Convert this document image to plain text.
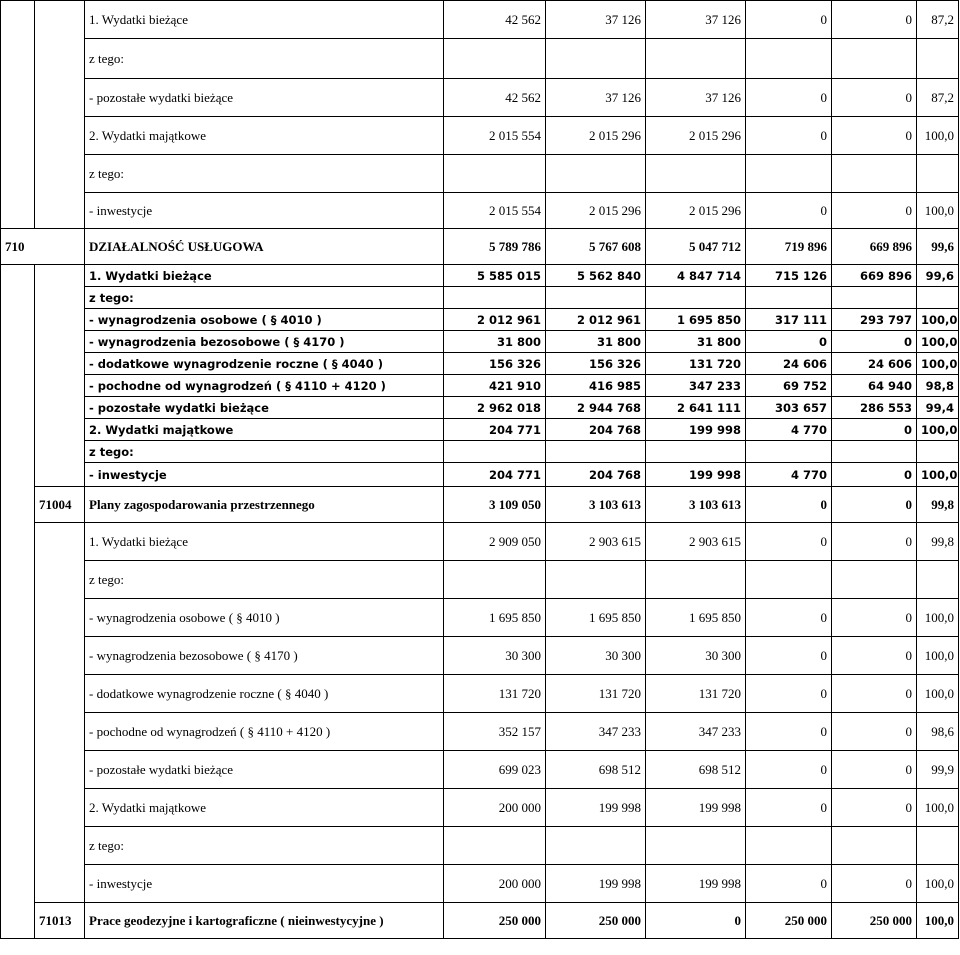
		1. Wydatki bieżące	42 562	37 126	37 126	0	0	87,2
		z tego:						
		- pozostałe wydatki bieżące	42 562	37 126	37 126	0	0	87,2
		2. Wydatki majątkowe	2 015 554	2 015 296	2 015 296	0	0	100,0
		z tego:						
		- inwestycje	2 015 554	2 015 296	2 015 296	0	0	100,0
710		DZIAŁALNOŚĆ USŁUGOWA	5 789 786	5 767 608	5 047 712	719 896	669 896	99,6
		1. Wydatki bieżące	5 585 015	5 562 840	4 847 714	715 126	669 896	99,6
		z tego:						
		- wynagrodzenia osobowe ( § 4010 )	2 012 961	2 012 961	1 695 850	317 111	293 797	100,0
		- wynagrodzenia bezosobowe ( § 4170 )	31 800	31 800	31 800	0	0	100,0
		- dodatkowe wynagrodzenie roczne ( § 4040 )	156 326	156 326	131 720	24 606	24 606	100,0
		- pochodne od wynagrodzeń ( § 4110 + 4120 )	421 910	416 985	347 233	69 752	64 940	98,8
		- pozostałe wydatki bieżące	2 962 018	2 944 768	2 641 111	303 657	286 553	99,4
		2. Wydatki majątkowe	204 771	204 768	199 998	4 770	0	100,0
		z tego:						
		- inwestycje	204 771	204 768	199 998	4 770	0	100,0
	71004	Plany zagospodarowania przestrzennego	3 109 050	3 103 613	3 103 613	0	0	99,8
		1. Wydatki bieżące	2 909 050	2 903 615	2 903 615	0	0	99,8
		z tego:						
		- wynagrodzenia osobowe ( § 4010 )	1 695 850	1 695 850	1 695 850	0	0	100,0
		- wynagrodzenia bezosobowe ( § 4170 )	30 300	30 300	30 300	0	0	100,0
		- dodatkowe wynagrodzenie roczne ( § 4040 )	131 720	131 720	131 720	0	0	100,0
		- pochodne od wynagrodzeń ( § 4110 + 4120 )	352 157	347 233	347 233	0	0	98,6
		- pozostałe wydatki bieżące	699 023	698 512	698 512	0	0	99,9
		2. Wydatki majątkowe	200 000	199 998	199 998	0	0	100,0
		z tego:						
		- inwestycje	200 000	199 998	199 998	0	0	100,0
	71013	Prace geodezyjne i kartograficzne ( nieinwestycyjne )	250 000	250 000	0	250 000	250 000	100,0
